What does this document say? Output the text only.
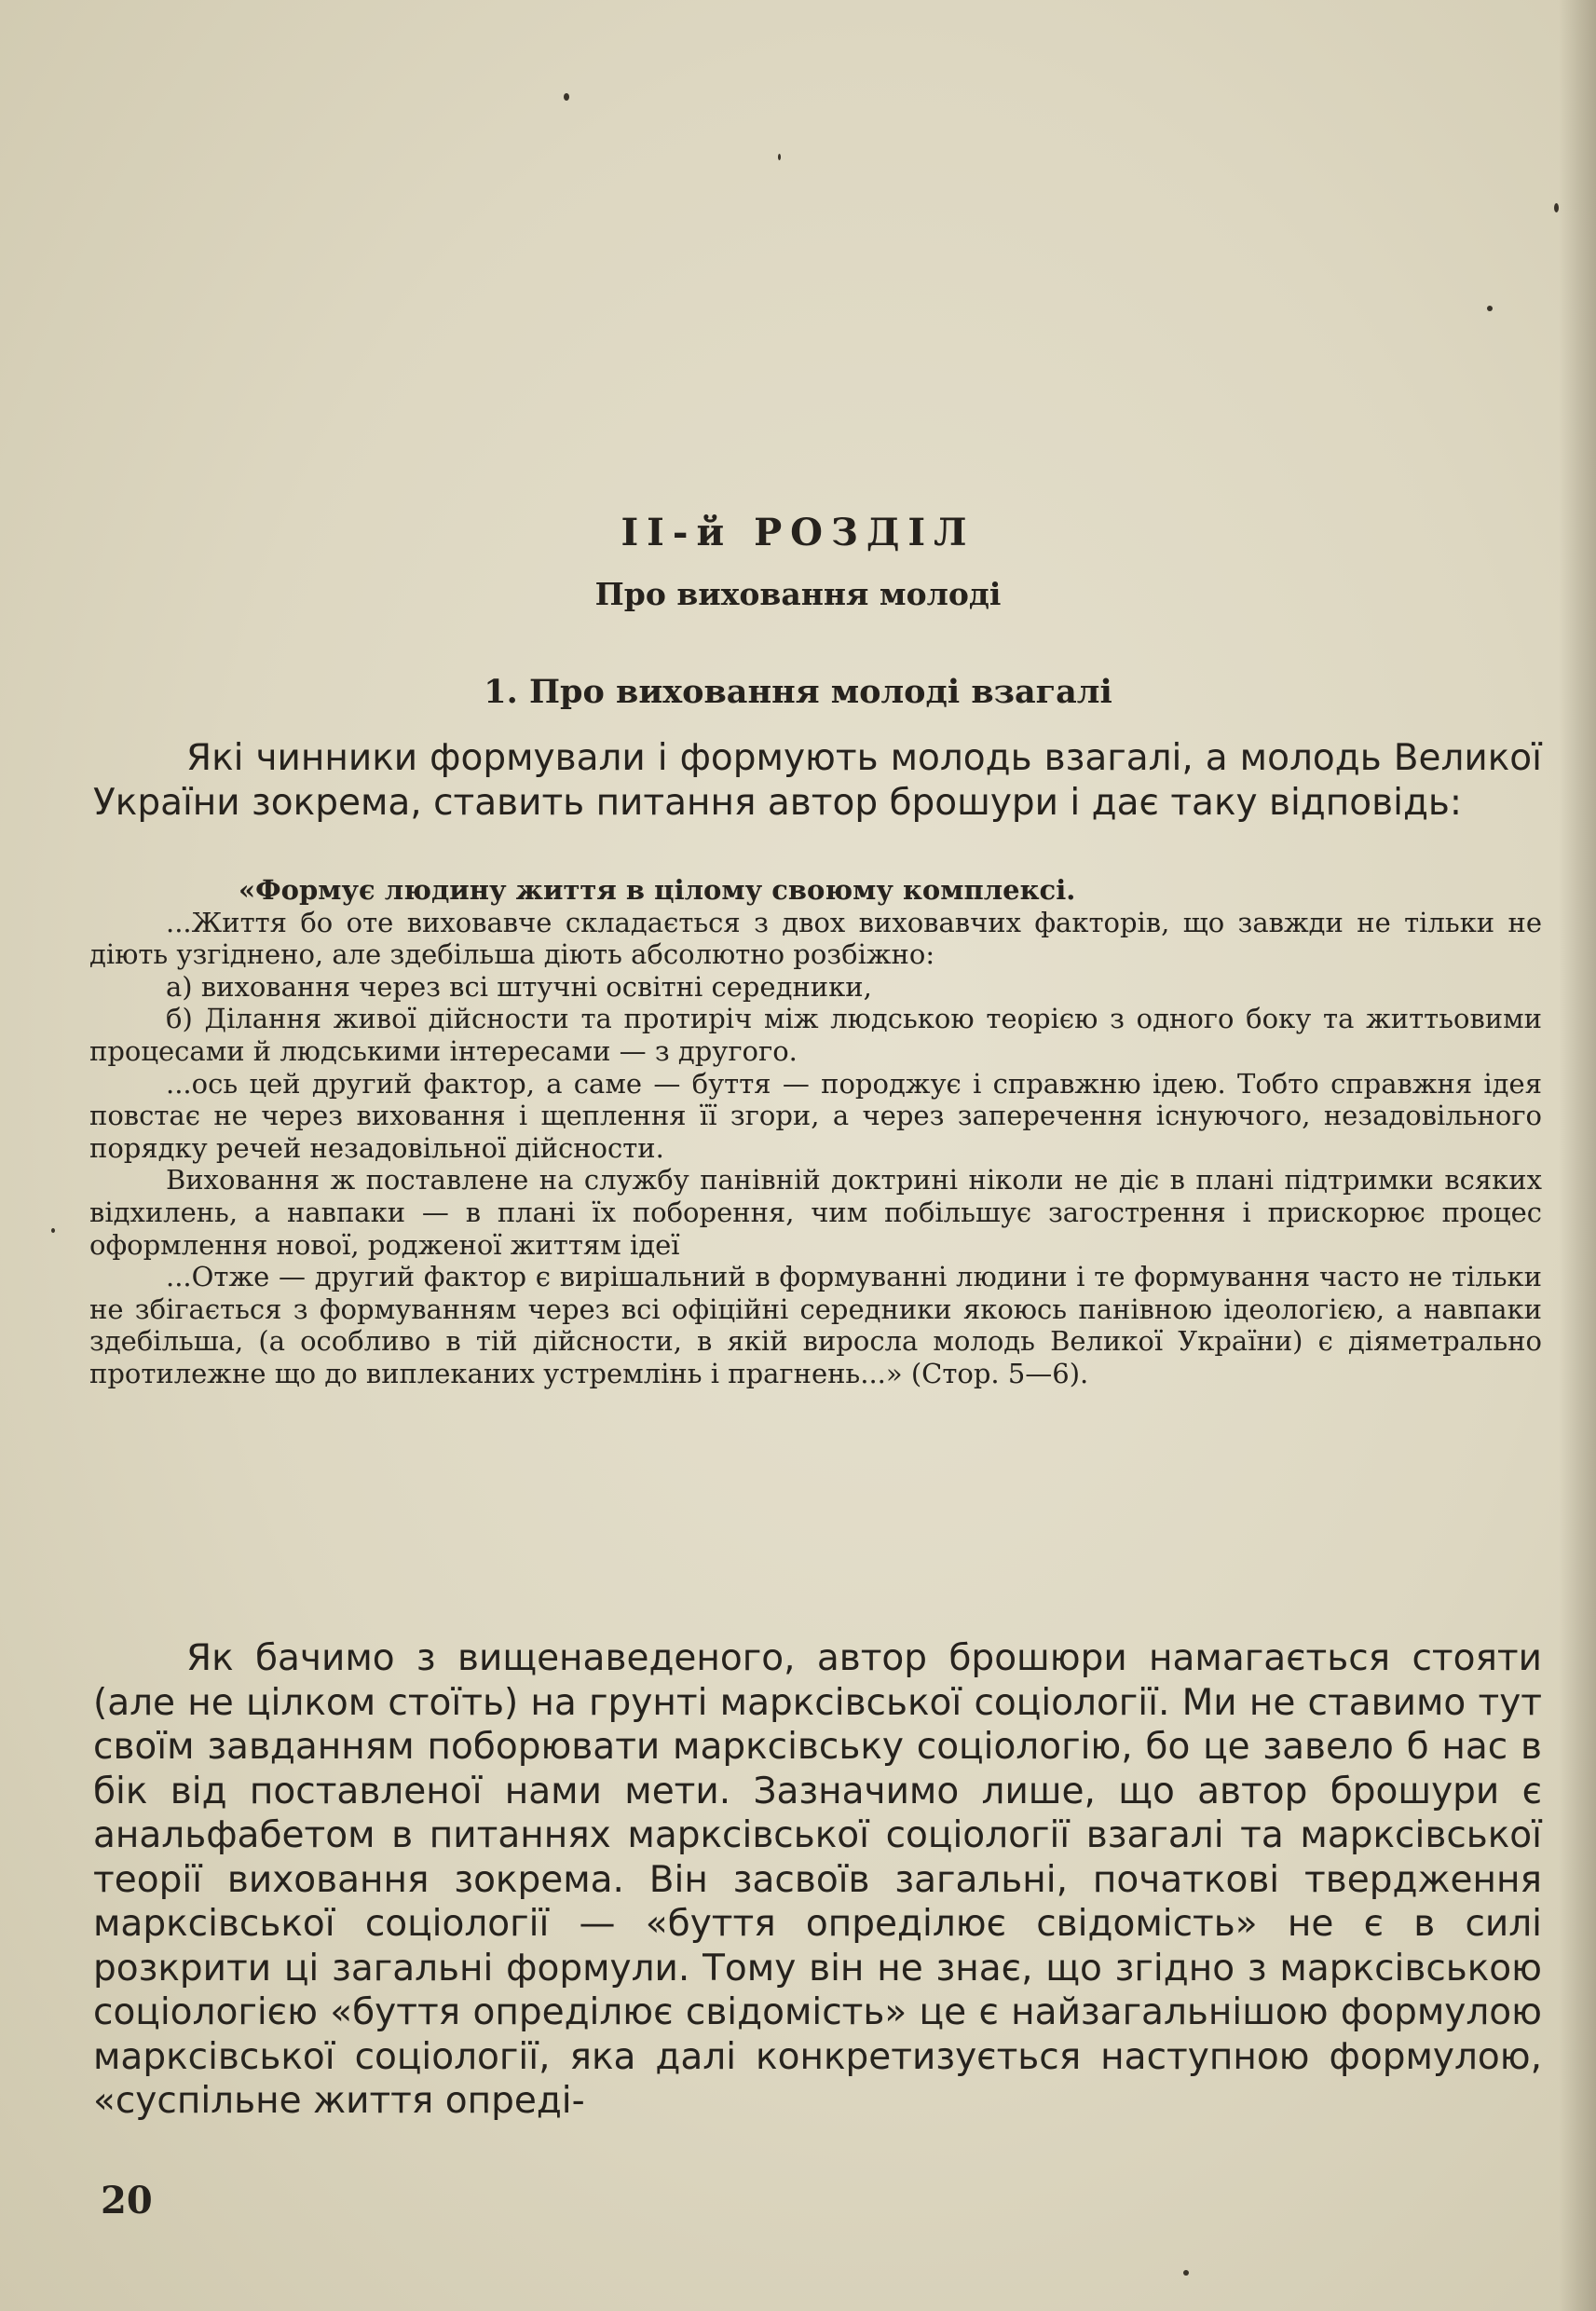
ІІ-й РОЗДІЛ
Про виховання молоді
1. Про виховання молоді взагалі

Які чинники формували і формують молодь взагалі, а молодь Великої України зокрема, ставить питання автор брошури і дає таку відповідь:

«Формує людину життя в цілому своюму комплексі.

...Життя бо оте виховавче складається з двох виховавчих факторів, що завжди не тільки не діють узгіднено, але здебільша діють абсолютно розбіжно:

а) виховання через всі штучні освітні середники,

б) Ділання живої дійсности та протиріч між людською теорією з одного боку та життьовими процесами й людськими інтересами — з другого.

...ось цей другий фактор, а саме — буття — породжує і справжню ідею. Тобто справжня ідея повстає не через виховання і щеплення її згори, а через заперечення існуючого, незадовільного порядку речей незадовільної дійсности.

Виховання ж поставлене на службу панівній доктрині ніколи не діє в плані підтримки всяких відхилень, а навпаки — в плані їх поборення, чим побільшує загострення і прискорює процес оформлення нової, родженої життям ідеї

...Отже — другий фактор є вирішальний в формуванні людини і те формування часто не тільки не збігається з формуванням через всі офіційні середники якоюсь панівною ідеологією, а навпаки здебільша, (а особливо в тій дійсности, в якій виросла молодь Великої України) є діяметрально протилежне що до виплеканих устремлінь і прагнень...» (Стор. 5—6).

Як бачимо з вищенаведеного, автор брошюри намагається стояти (але не цілком стоїть) на грунті марксівської соціології. Ми не ставимо тут своїм завданням поборювати марксівську соціологію, бо це завело б нас в бік від поставленої нами мети. Зазначимо лише, що автор брошури є анальфабетом в питаннях марксівської соціології взагалі та марксівської теорії виховання зокрема. Він засвоїв загальні, початкові твердження марксівської соціології — «буття опреділює свідомість» не є в силі розкрити ці загальні формули. Тому він не знає, що згідно з марксівською соціологією «буття опреділює свідомість» це є найзагальнішою формулою марксівської соціології, яка далі конкретизується наступною формулою, «суспільне життя опреді-

20
